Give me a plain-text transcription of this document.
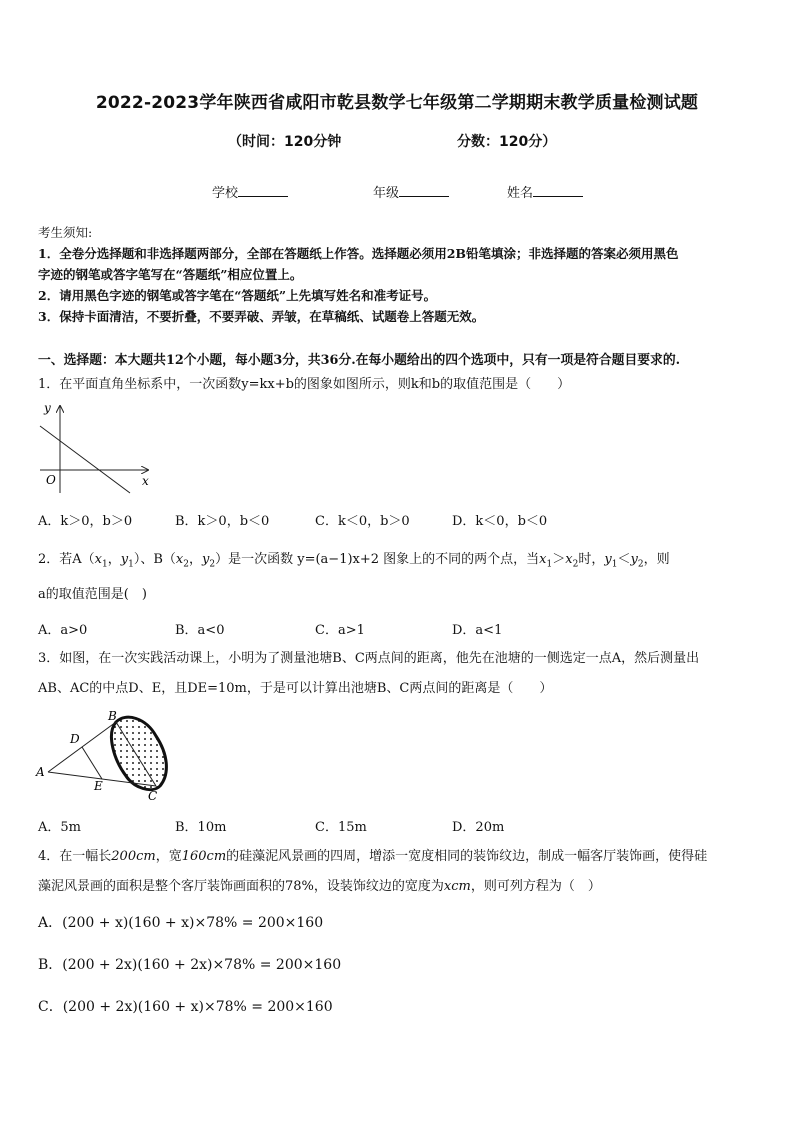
2022-2023学年陕西省咸阳市乾县数学七年级第二学期期末教学质量检测试题
（时间：120分钟	分数：120分）
学校	年级	姓名
考生须知:
1．全卷分选择题和非选择题两部分，全部在答题纸上作答。选择题必须用2B铅笔填涂；非选择题的答案必须用黑色
字迹的钢笔或答字笔写在“答题纸”相应位置上。
2．请用黑色字迹的钢笔或答字笔在“答题纸”上先填写姓名和准考证号。
3．保持卡面清洁，不要折叠，不要弄破、弄皱，在草稿纸、试题卷上答题无效。
一、选择题：本大题共12个小题，每小题3分，共36分.在每小题给出的四个选项中，只有一项是符合题目要求的.
1．在平面直角坐标系中，一次函数y=kx+b的图象如图所示，则k和b的取值范围是（　　）
y
x
O
A．k＞0，b＞0	B．k＞0，b＜0	C．k＜0，b＞0	D．k＜0，b＜0
2．若$A(x_1$，$y_1$）、$B(x_2$，$y_2$）是一次函数 y=(a−1)x+2 图象上的不同的两个点，当$x_1>x_2$时，$y_1<y_2$，则
a的取值范围是(　)
A．a>0	B．a<0	C．a>1	D．a<1
3．如图，在一次实践活动课上，小明为了测量池塘B、C两点间的距离，他先在池塘的一侧选定一点A，然后测量出
AB、AC的中点D、E，且DE=10m，于是可以计算出池塘B、C两点间的距离是（　　）
A
B
C
D
E
A．5m	B．10m	C．15m	D．20m
4．在一幅长200cm，宽160cm的硅藻泥风景画的四周，增添一宽度相同的装饰纹边，制成一幅客厅装饰画，使得硅
藻泥风景画的面积是整个客厅装饰画面积的78%，设装饰纹边的宽度为xcm，则可列方程为（　）
A．(200 + x)(160 + x)×78% = 200×160
B．(200 + 2x)(160 + 2x)×78% = 200×160
C．(200 + 2x)(160 + x)×78% = 200×160
